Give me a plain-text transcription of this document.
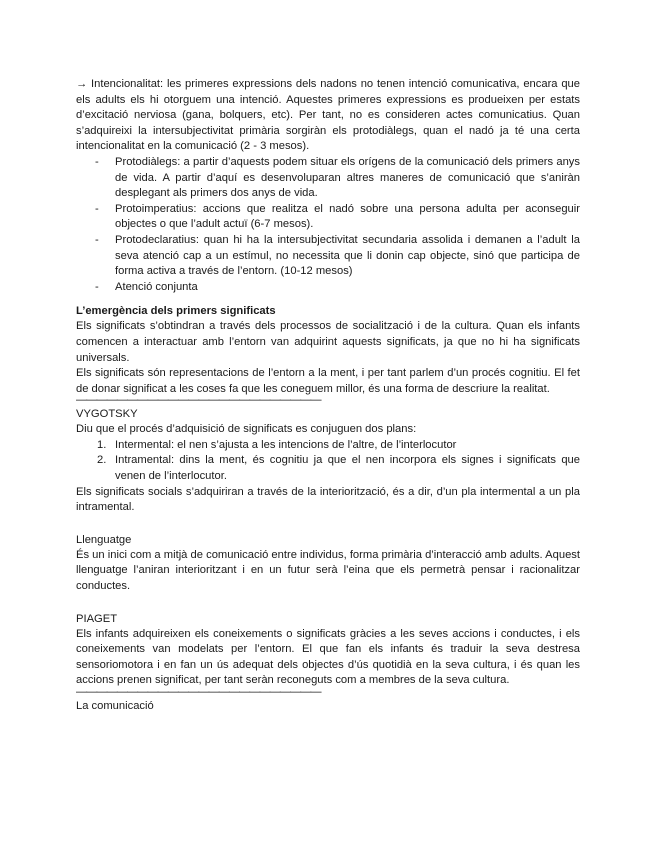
→ Intencionalitat: les primeres expressions dels nadons no tenen intenció comunicativa, encara que els adults els hi otorguem una intenció. Aquestes primeres expressions es produeixen per estats d’excitació nerviosa (gana, bolquers, etc). Per tant, no es consideren actes comunicatius. Quan s’adquireixi la intersubjectivitat primària sorgiràn els protodiàlegs, quan el nadó ja té una certa intencionalitat en la comunicació (2 - 3 mesos).

- Protodiàlegs: a partir d’aquests podem situar els orígens de la comunicació dels primers anys de vida. A partir d’aquí es desenvoluparan altres maneres de comunicació que s’aniràn desplegant als primers dos anys de vida.
- Protoimperatius: accions que realitza el nadó sobre una persona adulta per aconseguir objectes o que l’adult actuï (6-7 mesos).
- Protodeclaratius: quan hi ha la intersubjectivitat secundaria assolida i demanen a l’adult la seva atenció cap a un estímul, no necessita que li donin cap objecte, sinó que participa de forma activa a través de l’entorn. (10-12 mesos)
- Atenció conjunta

L’emergència dels primers significats

Els significats s’obtindran a través dels processos de socialització i de la cultura. Quan els infants comencen a interactuar amb l’entorn van adquirint aquests significats, ja que no hi ha significats universals.

Els significats són representacions de l’entorn a la ment, i per tant parlem d’un procés cognitiu. El fet de donar significat a les coses fa que les coneguem millor, és una forma de descriure la realitat.

————————————————————————

VYGOTSKY

Diu que el procés d’adquisició de significats es conjuguen dos plans:

1. Intermental: el nen s’ajusta a les intencions de l’altre, de l’interlocutor
2. Intramental: dins la ment, és cognitiu ja que el nen incorpora els signes i significats que venen de l’interlocutor.

Els significats socials s’adquiriran a través de la interiorització, és a dir, d’un pla intermental a un pla intramental.

Llenguatge

És un inici com a mitjà de comunicació entre individus, forma primària d’interacció amb adults. Aquest llenguatge l’aniran interioritzant i en un futur serà l’eina que els permetrà pensar i racionalitzar conductes.

PIAGET

Els infants adquireixen els coneixements o significats gràcies a les seves accions i conductes, i els coneixements van modelats per l’entorn. El que fan els infants és traduir la seva destresa sensoriomotora i en fan un ús adequat dels objectes d’ús quotidià en la seva cultura, i és quan les accions prenen significat, per tant seràn reconeguts com a membres de la seva cultura.

————————————————————————

La comunicació
